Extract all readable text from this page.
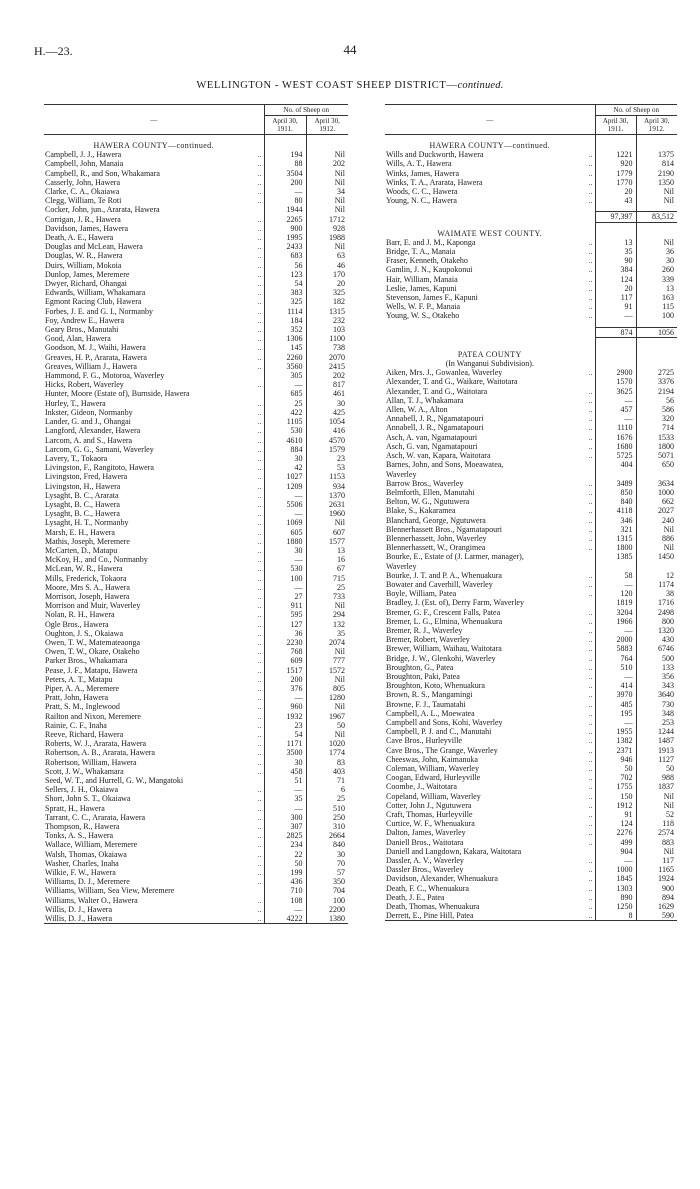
H.—23.	44
WELLINGTON - WEST COAST SHEEP DISTRICT—continued.
—	No. of Sheep on	
	April 30, 1911.	April 30, 1912.

HAWERA COUNTY—continued.		
Campbell, J. J., Hawera ..	194	Nil
Campbell, John, Manaia ..	88	202
Campbell, R., and Son, Whakamara ..	3504	Nil
Casserly, John, Hawera ..	200	Nil
Clarke, C. A., Okaiawa ..	—	34
Clegg, William, Te Roti ..	80	Nil
Cocker, John, jun., Ararata, Hawera	1944	Nil
Corrigan, J. R., Hawera ..	2265	1712
Davidson, James, Hawera ..	900	928
Death, A. E., Hawera ..	1995	1988
Douglas and McLean, Hawera ..	2433	Nil
Douglas, W. R., Hawera ..	683	63
Duirs, William, Mokoia ..	56	46
Dunlop, James, Meremere ..	123	170
Dwyer, Richard, Ohangai ..	54	20
Edwards, William, Whakamara ..	383	325
Egmont Racing Club, Hawera ..	325	182
Forbes, J. E. and G. I., Normanby ..	1114	1315
Foy, Andrew E., Hawera ..	184	232
Geary Bros., Manutahi ..	352	103
Good, Alan, Hawera ..	1306	1100
Goodson, M. J., Waihi, Hawera ..	145	738
Greaves, H. P., Ararata, Hawera ..	2260	2070
Greaves, William J., Hawera ..	3560	2415
Hammond, F. G., Motoroa, Waverley	305	202
Hicks, Robert, Waverley ..	—	817
Hunter, Moore (Estate of), Burnside, Hawera	685	461
Hurley, T., Hawera ..	25	30
Inkster, Gideon, Normanby ..	422	425
Lander, G. and J., Ohangai ..	1105	1054
Langford, Alexander, Hawera ..	530	416
Larcom, A. and S., Hawera ..	4610	4570
Larcom, G. G., Samani, Waverley ..	884	1579
Lavery, T., Tokaora ..	30	23
Livingston, F., Rangitoto, Hawera ..	42	53
Livingston, Fred, Hawera ..	1027	1153
Livingston, H., Hawera ..	1209	934
Lysaght, B. C., Ararata ..	—	1370
Lysaght, B. C., Hawera ..	5506	2631
Lysaght, B. C., Hawera ..	—	1960
Lysaght, H. T., Normanby ..	1069	Nil
Marsh, E. H., Hawera ..	605	607
Mathis, Joseph, Meremere ..	1880	1577
McCarten, D., Matapu ..	30	13
McKoy, H., and Co., Normanby ..	—	16
McLean, W. R., Hawera ..	530	67
Mills, Frederick, Tokaora ..	100	715
Moore, Mrs S. A., Hawera ..	—	25
Morrison, Joseph, Hawera ..	27	733
Morrison and Muir, Waverley ..	911	Nil
Nolan, R. H., Hawera ..	595	294
Ogle Bros., Hawera ..	127	132
Oughton, J. S., Okaiawa ..	36	35
Owen, T. W., Matemateaonga ..	2230	2074
Owen, T. W., Okare, Otakeho ..	768	Nil
Parker Bros., Whakamara ..	609	777
Pease, J. F., Matapu, Hawera ..	1517	1572
Peters, A. T., Matapu ..	200	Nil
Piper, A. A., Meremere ..	376	805
Pratt, John, Hawera ..	—	1280
Pratt, S. M., Inglewood ..	960	Nil
Railton and Nixon, Meremere ..	1932	1967
Rainie, C. F., Inaha ..	23	50
Reeve, Richard, Hawera ..	54	Nil
Roberts, W. J., Ararata, Hawera ..	1171	1020
Robertson, A. B., Ararata, Hawera ..	3500	1774
Robertson, William, Hawera ..	30	83
Scott, J. W., Whakamara ..	458	403
Seed, W. T., and Hurrell, G. W., Mangatoki	51	71
Sellers, J. H., Okaiawa ..	—	6
Short, John S. T., Okaiawa ..	35	25
Spratt, H., Hawera ..	—	510
Tarrant, C. C., Ararata, Hawera ..	300	250
Thompson, R., Hawera ..	307	310
Tonks, A. S., Hawera ..	2825	2664
Wallace, William, Meremere ..	234	840
Walsh, Thomas, Okaiawa ..	22	30
Washer, Charles, Inaha ..	50	70
Wilkie, F. W., Hawera ..	199	57
Williams, D. J., Meremere ..	436	350
Williams, William, Sea View, Meremere	710	704
Williams, Walter O., Hawera ..	108	100
Willis, D. J., Hawera ..	—	2200
Willis, D. J., Hawera ..	4222	1380
—	No. of Sheep on	
	April 30, 1911.	April 30, 1912.

HAWERA COUNTY—continued.		
Wills and Duckworth, Hawera ..	1221	1375
Wills, A. T., Hawera ..	920	814
Winks, James, Hawera ..	1779	2190
Winks, T. A., Ararata, Hawera ..	1770	1350
Woods, C. C., Hawera ..	20	Nil
Young, N. C., Hawera ..	43	Nil

	97,397	83,512

WAIMATE WEST COUNTY.		
Barr, E. and J. M., Kaponga ..	13	Nil
Bridge, T. A., Manaia ..	35	36
Fraser, Kenneth, Otakeho ..	90	30
Gamlin, J. N., Kaupokonui ..	384	260
Hair, William, Manaia ..	124	339
Leslie, James, Kapuni ..	20	13
Stevenson, James F., Kapuni ..	117	163
Wells, W. F. P., Manaia ..	91	115
Young, W. S., Otakeho ..	—	100

	874	1056

PATEA COUNTY		
(In Wanganui Subdivision).		
Aiken, Mrs. J., Gowanlea, Waverley ..	2900	2725
Alexander, T. and G., Waikare, Waitotara	1570	3376
Alexander, T. and G., Waitotara ..	3625	2194
Allan, T. J., Whakamara ..	—	56
Allen, W. A., Alton ..	457	586
Annabell, J. R., Ngamatapouri ..	—	320
Annabell, J. R., Ngamatapouri ..	1110	714
Asch, A. van, Ngamatapouri ..	1676	1533
Asch, G. van, Ngamatapouri ..	1680	1800
Asch, W. van, Kapara, Waitotara ..	5725	5071
Barnes, John, and Sons, Moeawatea,	404	650
Waverley		
Barrow Bros., Waverley ..	3489	3634
Belmforth, Ellen, Manutahi ..	850	1000
Belton, W. G., Ngutuwera ..	840	662
Blake, S., Kakaramea ..	4118	2027
Blanchard, George, Ngutuwera ..	346	240
Blennerhassett Bros., Ngamatapouri ..	321	Nil
Blennerhassett, John, Waverley ..	1315	886
Blennerhassett, W., Orangimea ..	1800	Nil
Bourke, E., Estate of (J. Larmer, manager),	1385	1450
Waverley		
Bourke, J. T. and P. A., Whenuakura ..	58	12
Bowater and Caverhill, Waverley ..	—	1174
Boyle, William, Patea ..	120	38
Bradley, J. (Est. of), Derry Farm, Waverley	1819	1716
Bremer, G. F., Crescent Falls, Patea ..	3204	2498
Bremer, L. G., Elmina, Whenuakura ..	1966	800
Bremer, R. J., Waverley ..	—	1320
Bremer, Robert, Waverley ..	2000	430
Brewer, William, Waihau, Waitotara ..	5883	6746
Bridge, J. W., Glenkohi, Waverley ..	764	500
Broughton, G., Patea ..	510	133
Broughton, Paki, Patea ..	—	356
Broughton, Koto, Whenuakura ..	414	343
Brown, R. S., Mangamingi ..	3970	3640
Browne, F. J., Taumatahi ..	485	730
Campbell, A. L., Moewatea ..	195	348
Campbell and Sons, Kohi, Waverley ..	—	253
Campbell, P. J. and C., Manutahi ..	1955	1244
Cave Bros., Hurleyville ..	1382	1487
Cave Bros., The Grange, Waverley ..	2371	1913
Cheeswas, John, Kaimanuka ..	946	1127
Coleman, William, Waverley ..	50	50
Coogan, Edward, Hurleyville ..	702	988
Coombe, J., Waitotara ..	1755	1837
Copeland, William, Waverley ..	150	Nil
Cotter, John J., Ngutuwera ..	1912	Nil
Craft, Thomas, Hurleyville ..	91	52
Curtice, W. F., Whenuakura ..	124	118
Dalton, James, Waverley ..	2276	2574
Daniell Bros., Waitotara ..	499	883
Daniell and Langdown, Kakara, Waitotara	904	Nil
Dassler, A. V., Waverley ..	—	117
Dassler Bros., Waverley ..	1000	1165
Davidson, Alexander, Whenuakura ..	1845	1924
Death, F. C., Whenuakura ..	1303	900
Death, J. E., Patea ..	890	894
Death, Thomas, Whenuakura ..	1250	1629
Derrett, E., Pine Hill, Patea ..	8	590
